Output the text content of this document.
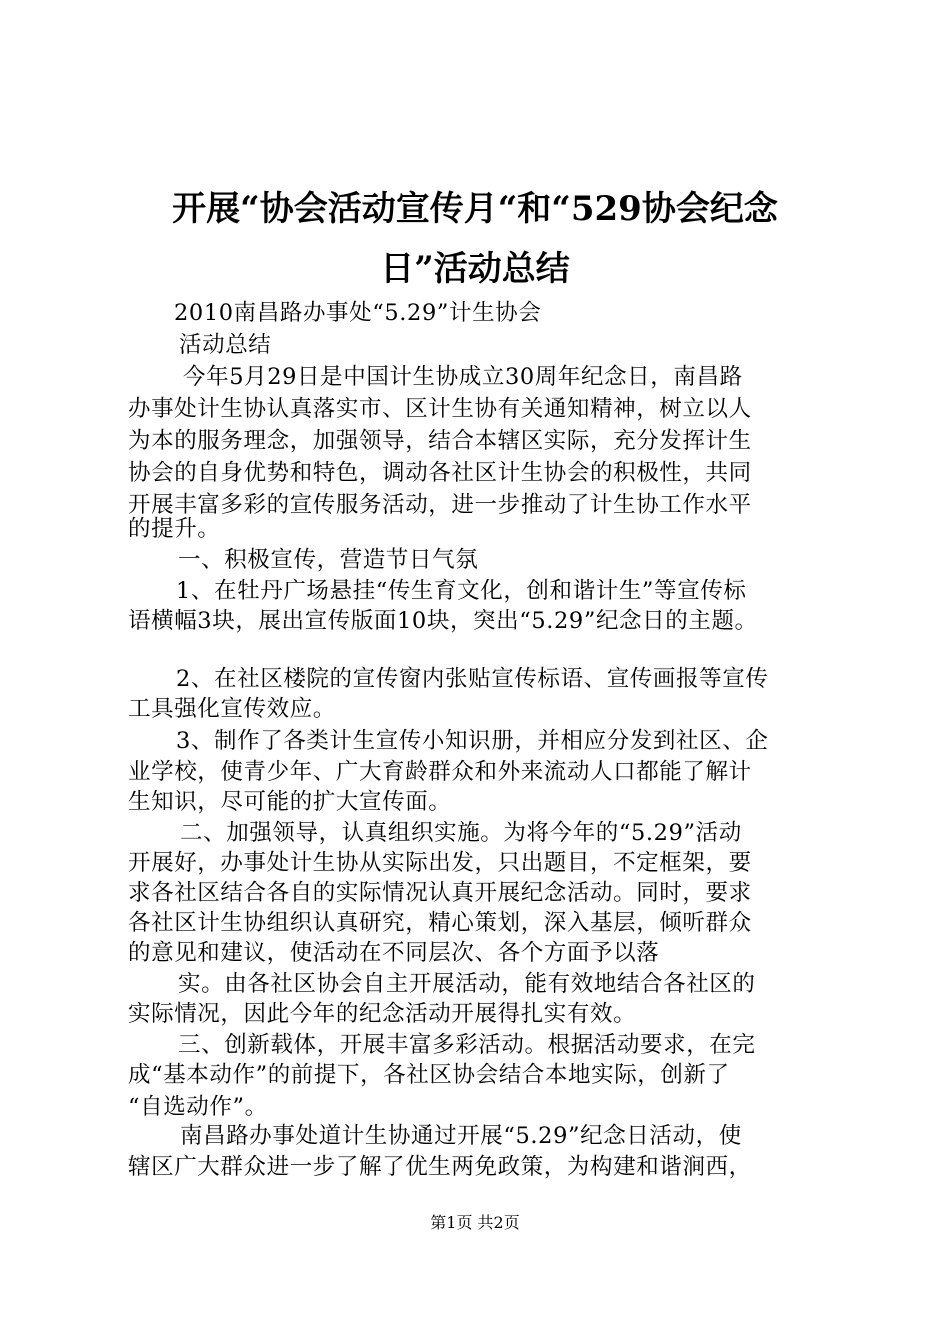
开展“协会活动宣传月“和“529协会纪念
日”活动总结
2010南昌路办事处“5.29”计生协会
活动总结
今年5月29日是中国计生协成立30周年纪念日，南昌路
办事处计生协认真落实市、区计生协有关通知精神，树立以人
为本的服务理念，加强领导，结合本辖区实际，充分发挥计生
协会的自身优势和特色，调动各社区计生协会的积极性，共同
开展丰富多彩的宣传服务活动，进一步推动了计生协工作水平
的提升。
一、积极宣传，营造节日气氛
1、在牡丹广场悬挂“传生育文化，创和谐计生”等宣传标
语横幅3块，展出宣传版面10块，突出“5.29”纪念日的主题。
2、在社区楼院的宣传窗内张贴宣传标语、宣传画报等宣传
工具强化宣传效应。
3、制作了各类计生宣传小知识册，并相应分发到社区、企
业学校，使青少年、广大育龄群众和外来流动人口都能了解计
生知识，尽可能的扩大宣传面。
二、加强领导，认真组织实施。为将今年的“5.29”活动
开展好，办事处计生协从实际出发，只出题目，不定框架，要
求各社区结合各自的实际情况认真开展纪念活动。同时，要求
各社区计生协组织认真研究，精心策划，深入基层，倾听群众
的意见和建议，使活动在不同层次、各个方面予以落
实。由各社区协会自主开展活动，能有效地结合各社区的
实际情况，因此今年的纪念活动开展得扎实有效。
三、创新载体，开展丰富多彩活动。根据活动要求，在完
成“基本动作”的前提下，各社区协会结合本地实际，创新了
“自选动作”。
南昌路办事处道计生协通过开展“5.29”纪念日活动，使
辖区广大群众进一步了解了优生两免政策，为构建和谐涧西，
第1页 共2页
